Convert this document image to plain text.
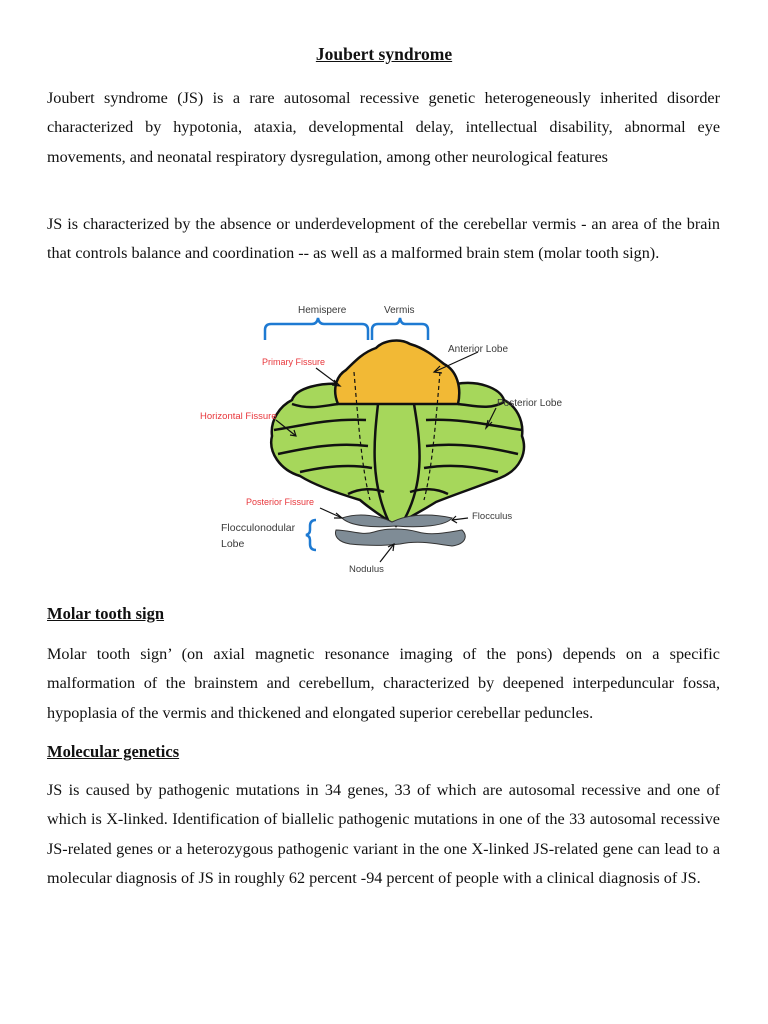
Joubert syndrome

Joubert syndrome (JS) is a rare autosomal recessive genetic heterogeneously inherited disorder characterized by hypotonia, ataxia, developmental delay, intellectual disability, abnormal eye movements, and neonatal respiratory dysregulation, among other neurological features

JS is characterized by the absence or underdevelopment of the cerebellar vermis - an area of the brain that controls balance and coordination -- as well as a malformed brain stem (molar tooth sign).

Hemispere	Vermis
Anterior Lobe
Primary Fissure
Posterior Lobe
Horizontal Fissure
Posterior Fissure
Flocculus
Flocculonodular
Lobe
Nodulus
Molar tooth sign

Molar tooth sign’ (on axial magnetic resonance imaging of the pons) depends on a specific malformation of the brainstem and cerebellum, characterized by deepened interpeduncular fossa, hypoplasia of the vermis and thickened and elongated superior cerebellar peduncles.

Molecular genetics

JS is caused by pathogenic mutations in 34 genes, 33 of which are autosomal recessive and one of which is X-linked. Identification of biallelic pathogenic mutations in one of the 33 autosomal recessive JS-related genes or a heterozygous pathogenic variant in the one X-linked JS-related gene can lead to a molecular diagnosis of JS in roughly 62 percent -94 percent of people with a clinical diagnosis of JS.
